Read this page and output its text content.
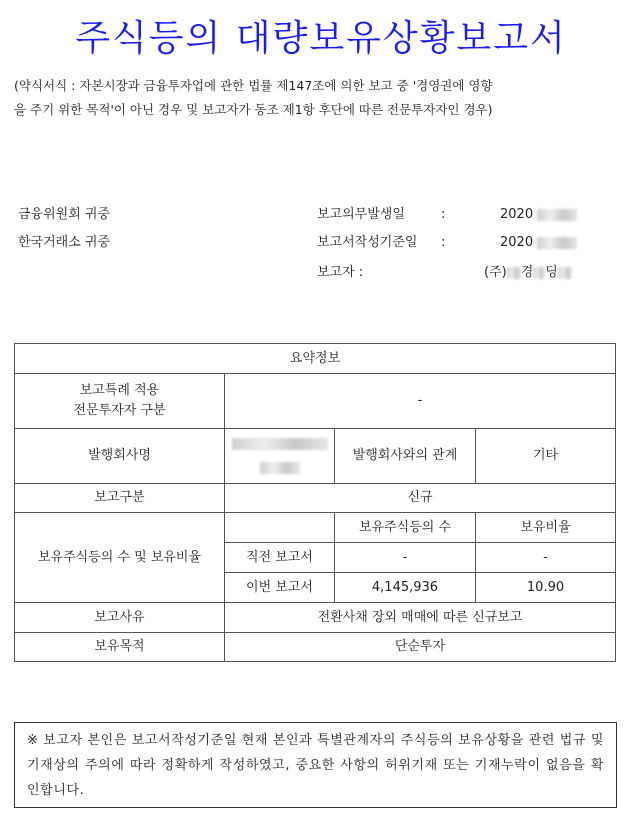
주식등의 대량보유상황보고서
(약식서식 : 자본시장과 금융투자업에 관한 법률 제147조에 의한 보고 중 '경영권에 영향
을 주기 위한 목적'이 아닌 경우 및 보고자가 동조 제1항 후단에 따른 전문투자자인 경우)
금융위원회 귀중
한국거래소 귀중
보고의무발생일	:	2020
보고서작성기준일 :	2020
보고자 :	(주) 경 딩
요약정보			

보고특례 적용
전문투자자 구분	-		
발행회사명		발행회사와의 관계	기타
보고구분	신규		
보유주식등의 수 및 보유비율		보유주식등의 수	보유비율
	직전 보고서	-	-
	이번 보고서	4,145,936	10.90
보고사유	전환사채 장외 매매에 따른 신규보고		
보유목적	단순투자		
※ 보고자 본인은 보고서작성기준일 현재 본인과 특별관계자의 주식등의 보유상황을 관련 법규 및 기재상의 주의에 따라 정확하게 작성하였고, 중요한 사항의 허위기재 또는 기재누락이 없음을 확인합니다.
